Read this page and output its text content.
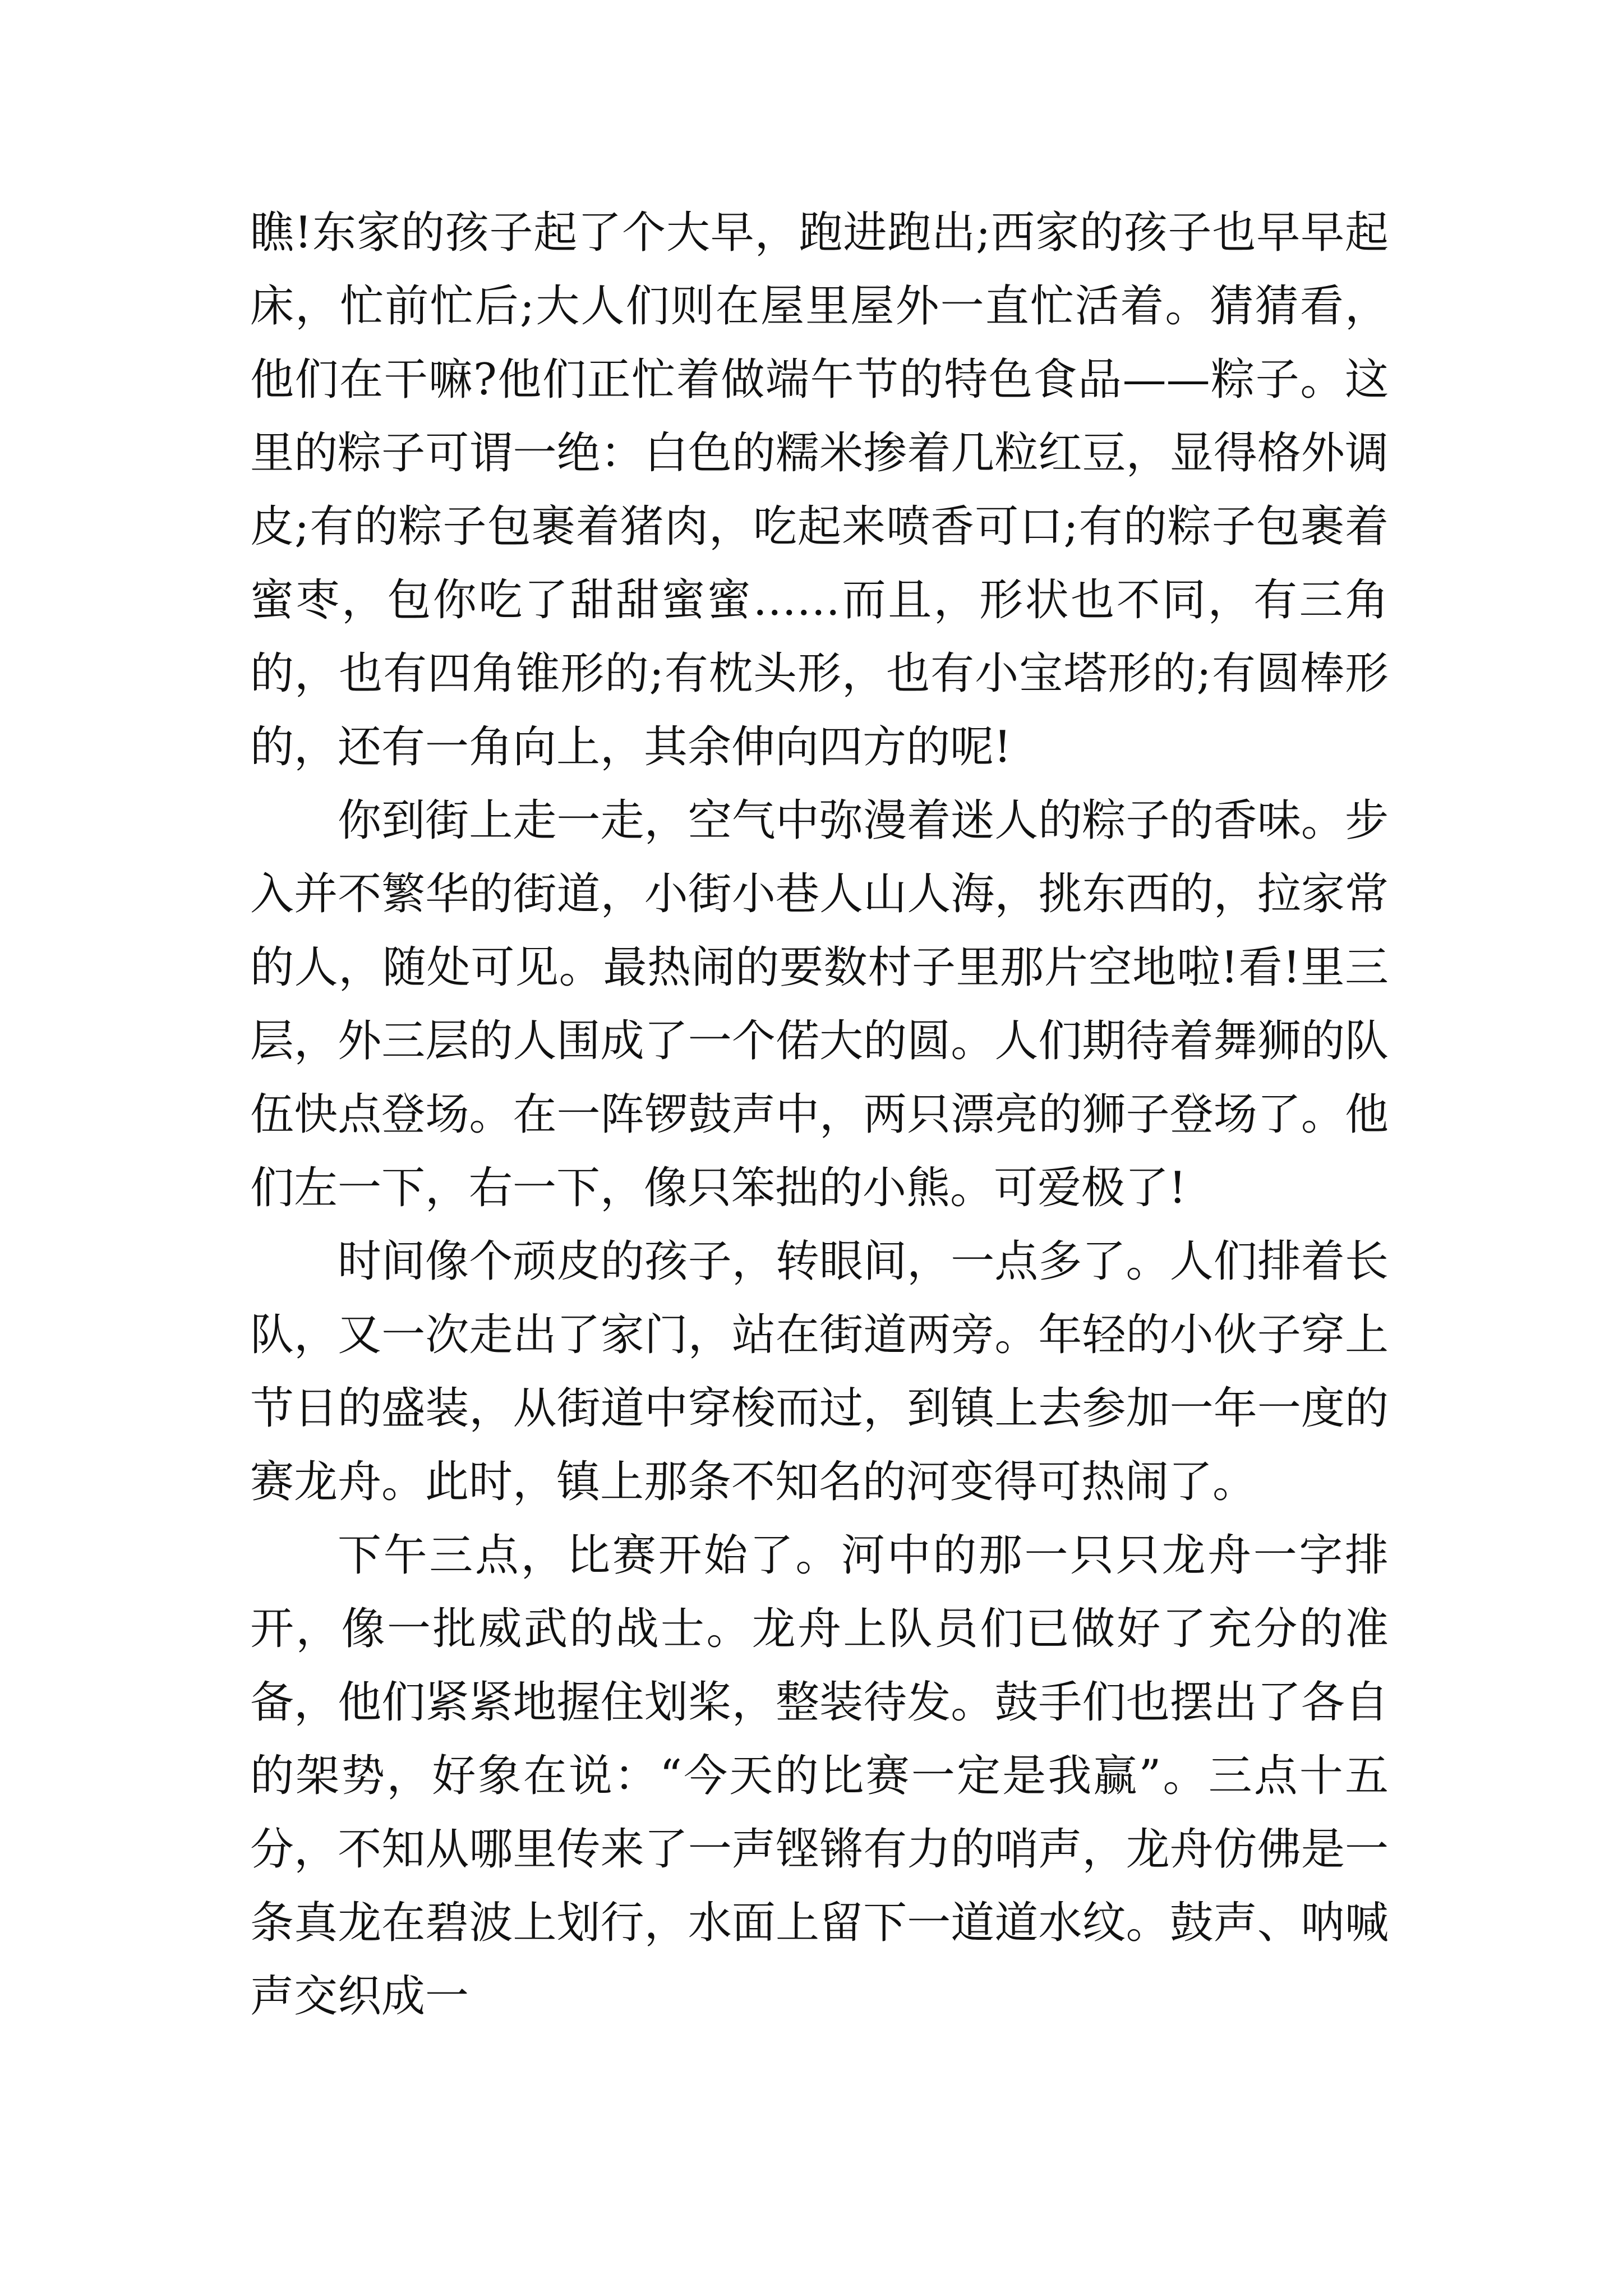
瞧!东家的孩子起了个大早，跑进跑出;西家的孩子也早早起床，忙前忙后;大人们则在屋里屋外一直忙活着。猜猜看，他们在干嘛?他们正忙着做端午节的特色食品——粽子。这里的粽子可谓一绝：白色的糯米掺着几粒红豆，显得格外调皮;有的粽子包裹着猪肉，吃起来喷香可口;有的粽子包裹着蜜枣，包你吃了甜甜蜜蜜……而且，形状也不同，有三角的，也有四角锥形的;有枕头形，也有小宝塔形的;有圆棒形的，还有一角向上，其余伸向四方的呢!

你到街上走一走，空气中弥漫着迷人的粽子的香味。步入并不繁华的街道，小街小巷人山人海，挑东西的，拉家常的人，随处可见。最热闹的要数村子里那片空地啦!看!里三层，外三层的人围成了一个偌大的圆。人们期待着舞狮的队伍快点登场。在一阵锣鼓声中，两只漂亮的狮子登场了。他们左一下，右一下，像只笨拙的小熊。可爱极了!

时间像个顽皮的孩子，转眼间，一点多了。人们排着长队，又一次走出了家门，站在街道两旁。年轻的小伙子穿上节日的盛装，从街道中穿梭而过，到镇上去参加一年一度的赛龙舟。此时，镇上那条不知名的河变得可热闹了。

下午三点，比赛开始了。河中的那一只只龙舟一字排开，像一批威武的战士。龙舟上队员们已做好了充分的准备，他们紧紧地握住划桨，整装待发。鼓手们也摆出了各自的架势，好象在说：“今天的比赛一定是我赢”。三点十五分，不知从哪里传来了一声铿锵有力的哨声，龙舟仿佛是一条真龙在碧波上划行，水面上留下一道道水纹。鼓声、呐喊声交织成一
